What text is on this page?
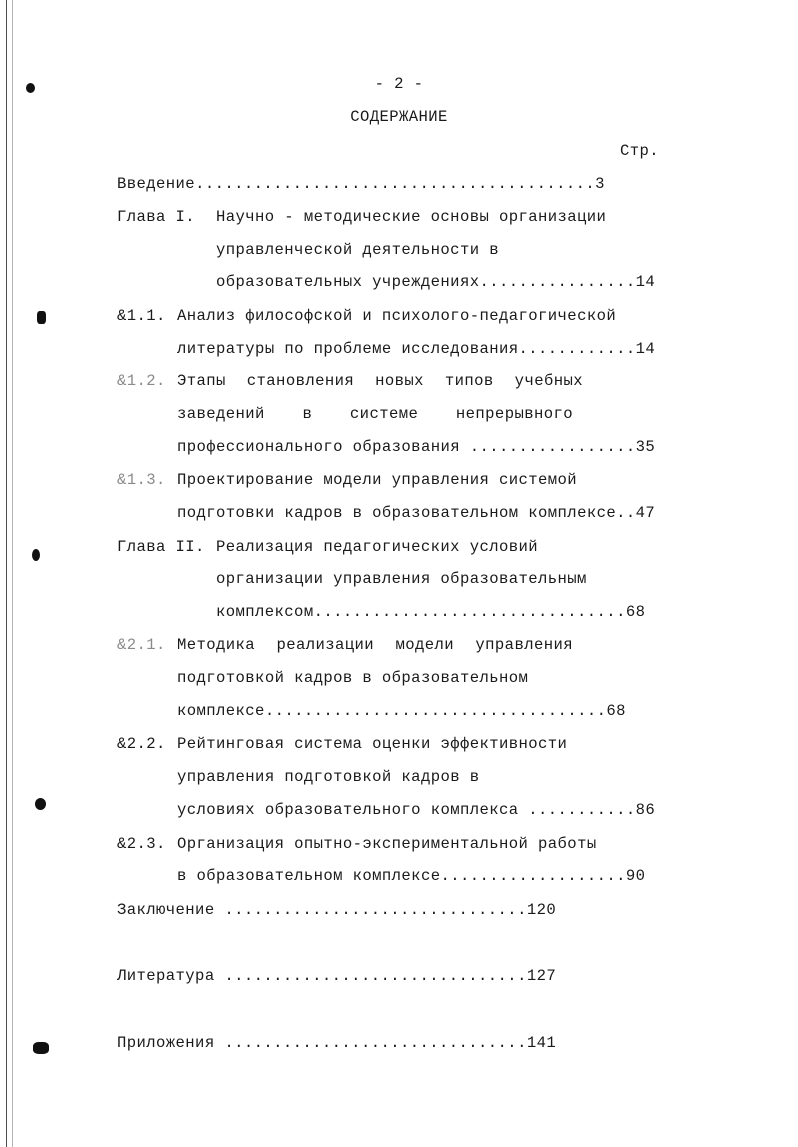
- 2 -
СОДЕРЖАНИЕ
Стр.
Введение.........................................3
Глава I. Научно - методические основы организации
управленческой деятельности в
образовательных учреждениях................14
&1.1. Анализ философской и психолого-педагогической
литературы по проблеме исследования............14
&1.2. Этапы становления новых типов учебных
заведений в системе непрерывного
профессионального образования .................35
&1.3. Проектирование модели управления системой
подготовки кадров в образовательном комплексе..47
Глава II. Реализация педагогических условий
организации управления образовательным
комплексом................................68
&2.1. Методика реализации модели управления
подготовкой кадров в образовательном
комплексе...................................68
&2.2. Рейтинговая система оценки эффективности
управления подготовкой кадров в
условиях образовательного комплекса ...........86
&2.3. Организация опытно-экспериментальной работы
в образовательном комплексе...................90
Заключение ...............................120
Литература ...............................127
Приложения ...............................141
